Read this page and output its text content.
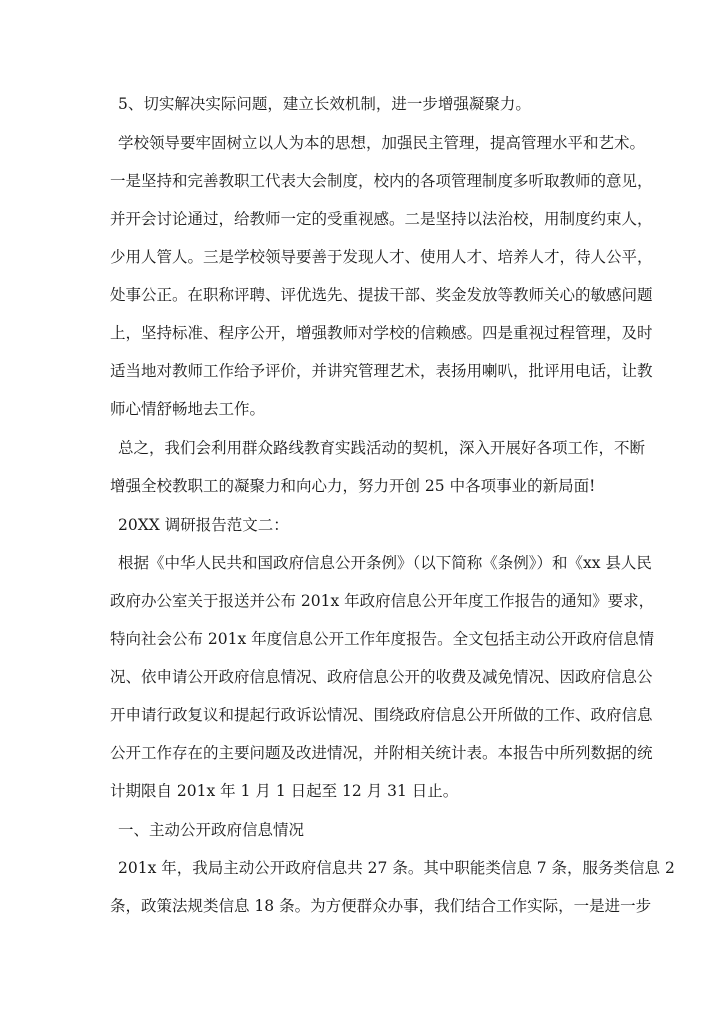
5、切实解决实际问题，建立长效机制，进一步增强凝聚力。
学校领导要牢固树立以人为本的思想，加强民主管理，提高管理水平和艺术。
一是坚持和完善教职工代表大会制度，校内的各项管理制度多听取教师的意见，
并开会讨论通过，给教师一定的受重视感。二是坚持以法治校，用制度约束人，
少用人管人。三是学校领导要善于发现人才、使用人才、培养人才，待人公平，
处事公正。在职称评聘、评优选先、提拔干部、奖金发放等教师关心的敏感问题
上，坚持标准、程序公开，增强教师对学校的信赖感。四是重视过程管理，及时
适当地对教师工作给予评价，并讲究管理艺术，表扬用喇叭，批评用电话，让教
师心情舒畅地去工作。
总之，我们会利用群众路线教育实践活动的契机，深入开展好各项工作，不断
增强全校教职工的凝聚力和向心力，努力开创 25 中各项事业的新局面!
20XX 调研报告范文二：
根据《中华人民共和国政府信息公开条例》（以下简称《条例》）和《xx 县人民
政府办公室关于报送并公布 201x 年政府信息公开年度工作报告的通知》要求，
特向社会公布 201x 年度信息公开工作年度报告。全文包括主动公开政府信息情
况、依申请公开政府信息情况、政府信息公开的收费及减免情况、因政府信息公
开申请行政复议和提起行政诉讼情况、围绕政府信息公开所做的工作、政府信息
公开工作存在的主要问题及改进情况，并附相关统计表。本报告中所列数据的统
计期限自 201x 年 1 月 1 日起至 12 月 31 日止。
一、主动公开政府信息情况
201x 年，我局主动公开政府信息共 27 条。其中职能类信息 7 条，服务类信息 2
条，政策法规类信息 18 条。为方便群众办事，我们结合工作实际，一是进一步
